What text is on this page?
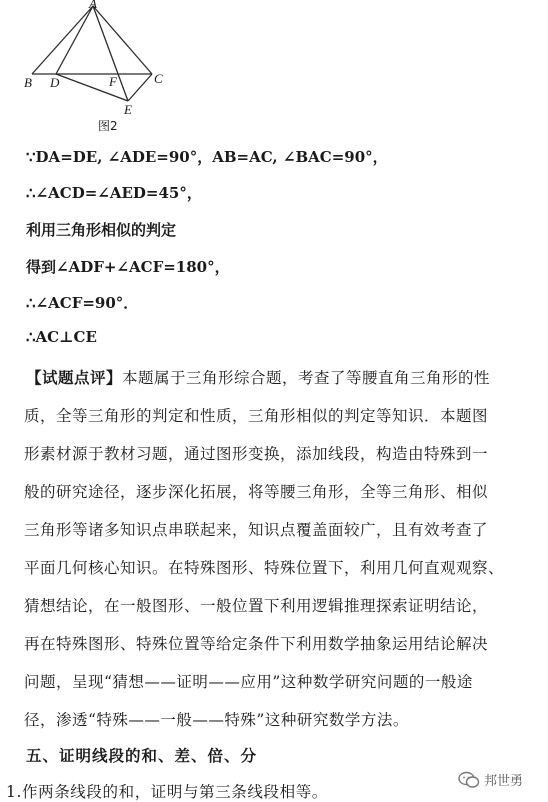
A
B D	F	C
E
图2
∵DA=DE, ∠ADE=90°，AB=AC, ∠BAC=90°，
∴∠ACD=∠AED=45°，
利用三角形相似的判定
得到∠ADF+∠ACF=180°，
∴∠ACF=90°．
∴AC⊥CE
【试题点评】本题属于三角形综合题，考查了等腰直角三角形的性
质，全等三角形的判定和性质，三角形相似的判定等知识．本题图
形素材源于教材习题，通过图形变换，添加线段，构造由特殊到一
般的研究途径，逐步深化拓展，将等腰三角形，全等三角形、相似
三角形等诸多知识点串联起来，知识点覆盖面较广，且有效考查了
平面几何核心知识。在特殊图形、特殊位置下，利用几何直观观察、
猜想结论，在一般图形、一般位置下利用逻辑推理探索证明结论，
再在特殊图形、特殊位置等给定条件下利用数学抽象运用结论解决
问题，呈现“猜想——证明——应用”这种数学研究问题的一般途
径，渗透“特殊——一般——特殊”这种研究数学方法。
五、证明线段的和、差、倍、分
1.作两条线段的和，证明与第三条线段相等。
邦世勇
